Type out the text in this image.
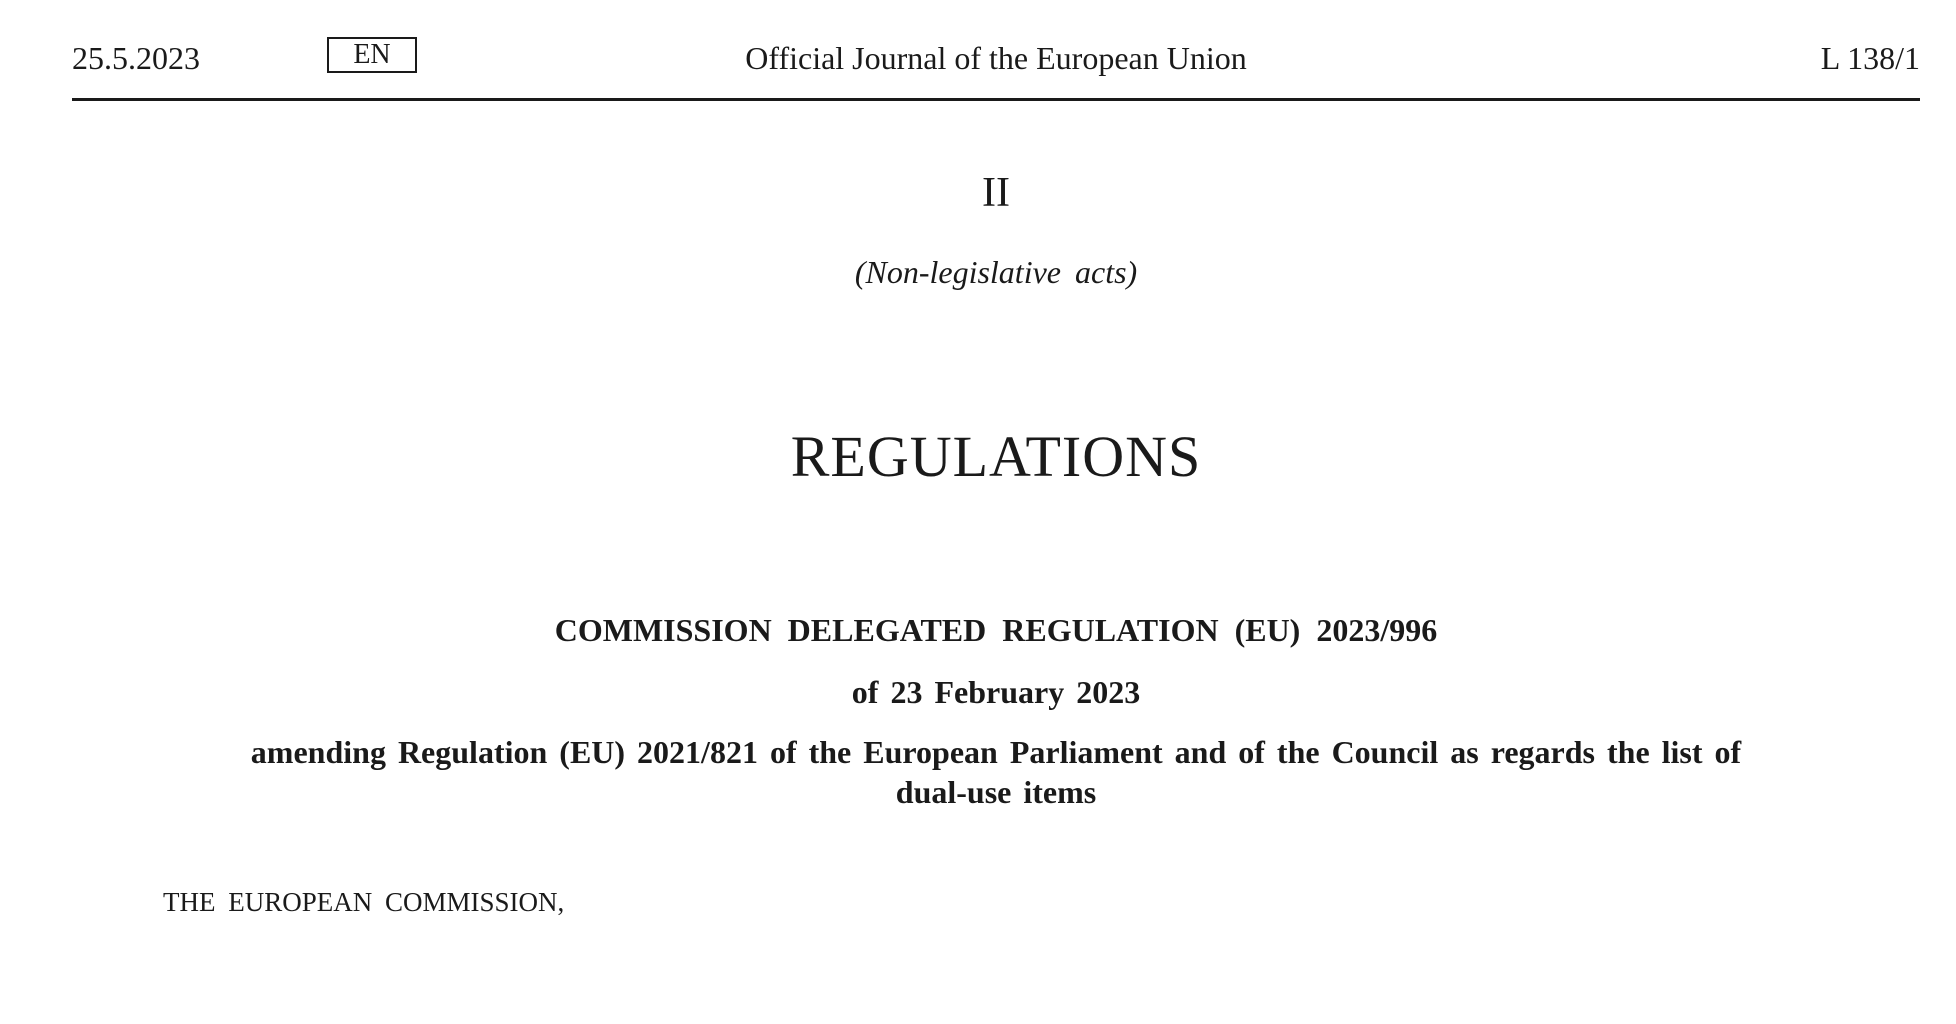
25.5.2023	EN	Official Journal of the European Union	L 138/1
II
(Non-legislative acts)
REGULATIONS
COMMISSION DELEGATED REGULATION (EU) 2023/996
of 23 February 2023
amending Regulation (EU) 2021/821 of the European Parliament and of the Council as regards the list of dual-use items
THE EUROPEAN COMMISSION,
